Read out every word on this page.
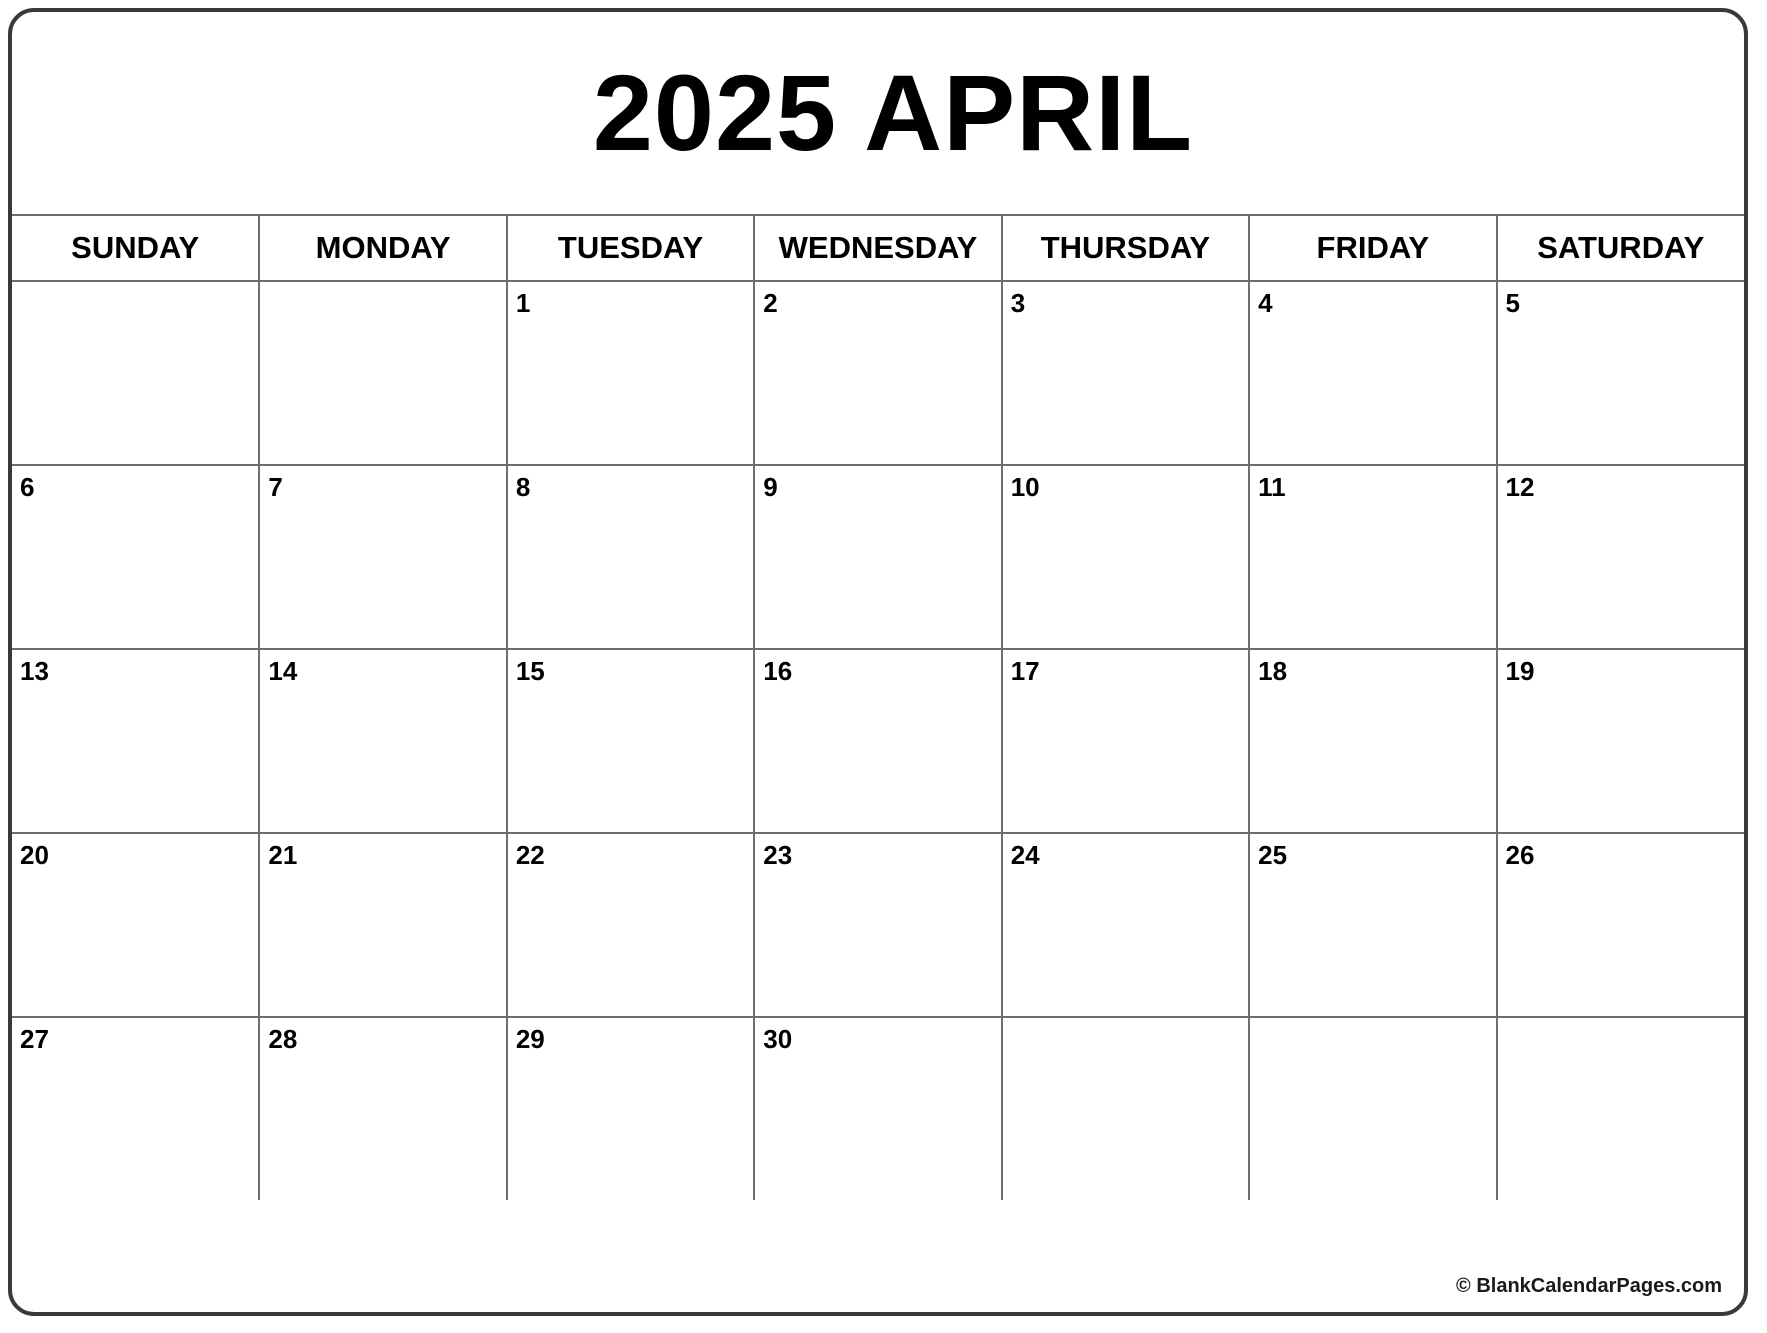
2025 APRIL
SUNDAY	MONDAY	TUESDAY	WEDNESDAY	THURSDAY	FRIDAY	SATURDAY

		1	2	3	4	5

6	7	8	9	10	11	12

13	14	15	16	17	18	19

20	21	22	23	24	25	26

27	28	29	30			

© BlankCalendarPages.com
